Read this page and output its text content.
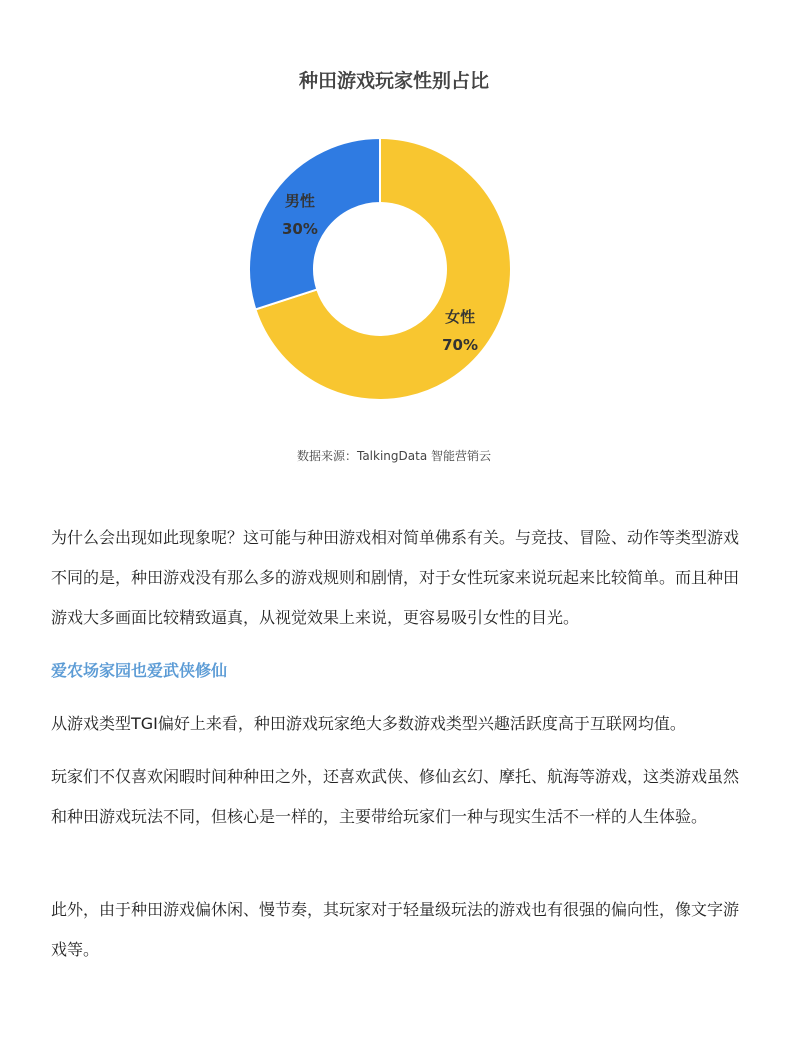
种田游戏玩家性别占比
女性
70%
男性
30%
数据来源：TalkingData 智能营销云

为什么会出现如此现象呢？这可能与种田游戏相对简单佛系有关。与竞技、冒险、动作等类型游戏不同的是，种田游戏没有那么多的游戏规则和剧情，对于女性玩家来说玩起来比较简单。而且种田游戏大多画面比较精致逼真，从视觉效果上来说，更容易吸引女性的目光。

爱农场家园也爱武侠修仙

从游戏类型TGI偏好上来看，种田游戏玩家绝大多数游戏类型兴趣活跃度高于互联网均值。

玩家们不仅喜欢闲暇时间种种田之外，还喜欢武侠、修仙玄幻、摩托、航海等游戏，这类游戏虽然和种田游戏玩法不同，但核心是一样的，主要带给玩家们一种与现实生活不一样的人生体验。

此外，由于种田游戏偏休闲、慢节奏，其玩家对于轻量级玩法的游戏也有很强的偏向性，像文字游戏等。
